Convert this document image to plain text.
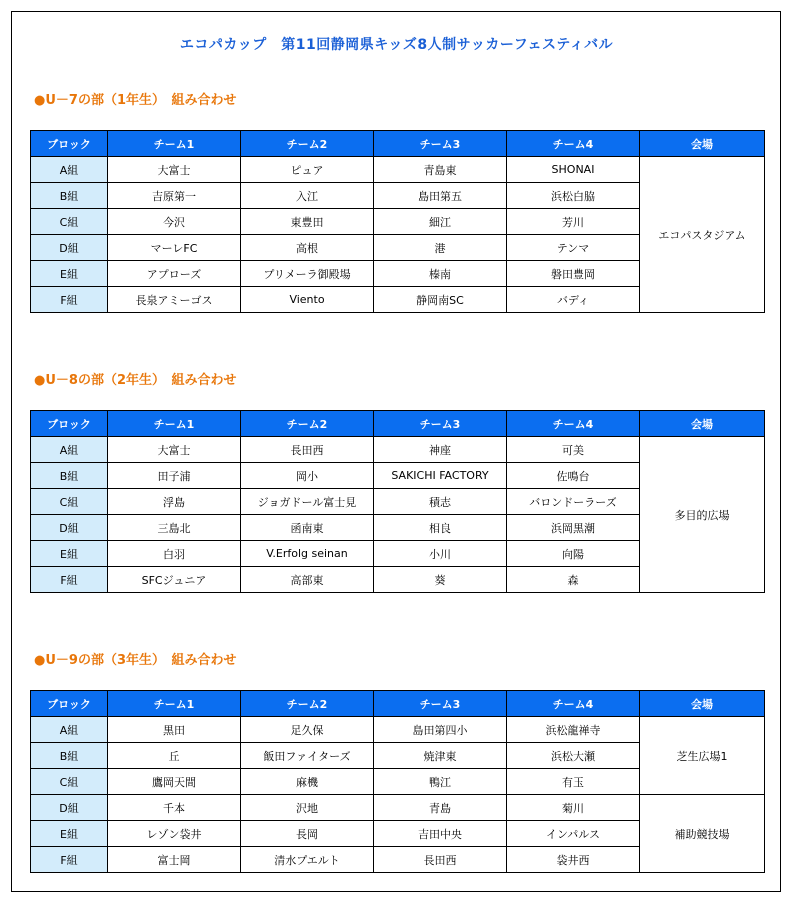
エコパカップ　第11回静岡県キッズ8人制サッカーフェスティバル
●U－7の部（1年生）　組み合わせ
ブロック	チーム1	チーム2	チーム3	チーム4	会場
A組	大富士	ピュア	青島東	SHONAI	エコパスタジアム
B組	吉原第一	入江	島田第五	浜松白脇	
C組	今沢	東豊田	細江	芳川	
D組	マーレFC	高根	港	テンマ	
E組	アプローズ	プリメーラ御殿場	榛南	磐田豊岡	
F組	長泉アミーゴス	Viento	静岡南SC	バディ	
●U－8の部（2年生）　組み合わせ
ブロック	チーム1	チーム2	チーム3	チーム4	会場
A組	大富士	長田西	神座	可美	多目的広場
B組	田子浦	岡小	SAKICHI FACTORY	佐鳴台	
C組	浮島	ジョガドール富士見	積志	バロンドーラーズ	
D組	三島北	函南東	相良	浜岡黒潮	
E組	白羽	V.Erfolg seinan	小川	向陽	
F組	SFCジュニア	高部東	葵	森	
●U－9の部（3年生）　組み合わせ
ブロック	チーム1	チーム2	チーム3	チーム4	会場
A組	黒田	足久保	島田第四小	浜松龍禅寺	芝生広場1
B組	丘	飯田ファイターズ	焼津東	浜松大瀬	
C組	鷹岡天間	麻機	鴨江	有玉	
D組	千本	沢地	青島	菊川	補助競技場
E組	レゾン袋井	長岡	吉田中央	インパルス	
F組	富士岡	清水プエルト	長田西	袋井西	
